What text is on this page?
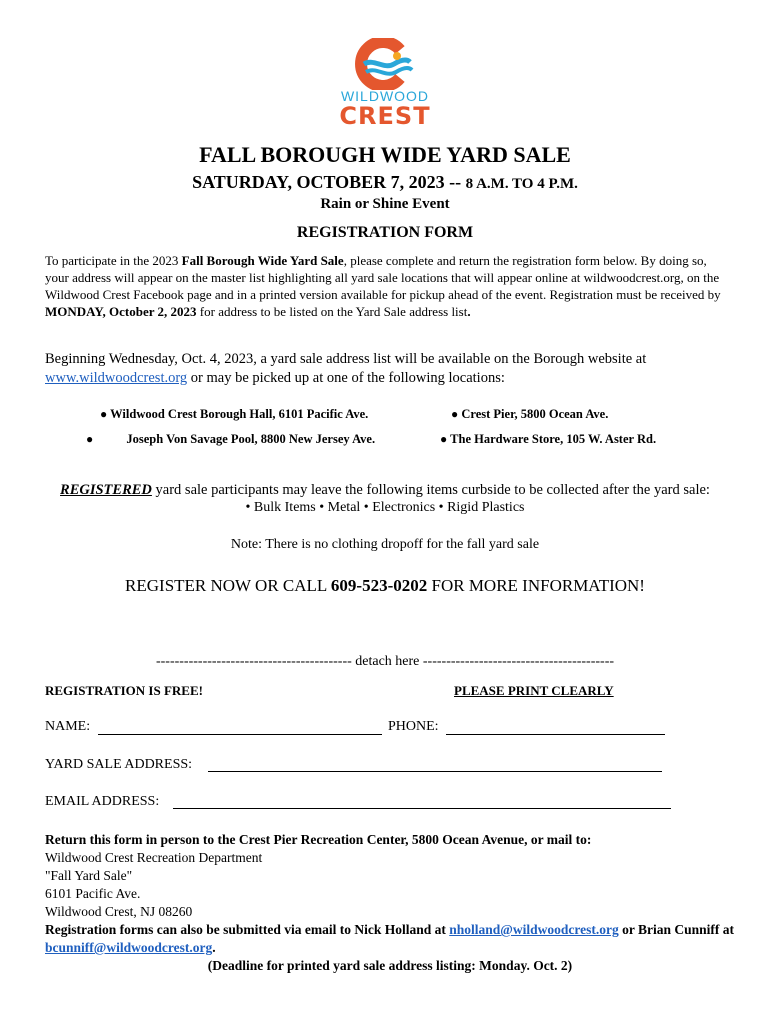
WILDWOOD
CREST
FALL BOROUGH WIDE YARD SALE
SATURDAY, OCTOBER 7, 2023 -- 8 A.M. TO 4 P.M.
Rain or Shine Event
REGISTRATION FORM
To participate in the 2023 Fall Borough Wide Yard Sale, please complete and return the registration form below. By doing so, your address will appear on the master list highlighting all yard sale locations that will appear online at wildwoodcrest.org, on the Wildwood Crest Facebook page and in a printed version available for pickup ahead of the event. Registration must be received by MONDAY, October 2, 2023 for address to be listed on the Yard Sale address list.
Beginning Wednesday, Oct. 4, 2023, a yard sale address list will be available on the Borough website at www.wildwoodcrest.org or may be picked up at one of the following locations:
● Wildwood Crest Borough Hall, 6101 Pacific Ave.	● Crest Pier, 5800 Ocean Ave.
●	Joseph Von Savage Pool, 8800 New Jersey Ave.	● The Hardware Store, 105 W. Aster Rd.
REGISTERED yard sale participants may leave the following items curbside to be collected after the yard sale:
• Bulk Items • Metal • Electronics • Rigid Plastics
Note: There is no clothing dropoff for the fall yard sale
REGISTER NOW OR CALL 609-523-0202 FOR MORE INFORMATION!
------------------------------------------ detach here -----------------------------------------
REGISTRATION IS FREE!	PLEASE PRINT CLEARLY
NAME:	PHONE:
YARD SALE ADDRESS:
EMAIL ADDRESS:
Return this form in person to the Crest Pier Recreation Center, 5800 Ocean Avenue, or mail to:
Wildwood Crest Recreation Department
"Fall Yard Sale"
6101 Pacific Ave.
Wildwood Crest, NJ 08260
Registration forms can also be submitted via email to Nick Holland at nholland@wildwoodcrest.org or Brian Cunniff at bcunniff@wildwoodcrest.org.
(Deadline for printed yard sale address listing: Monday. Oct. 2)
